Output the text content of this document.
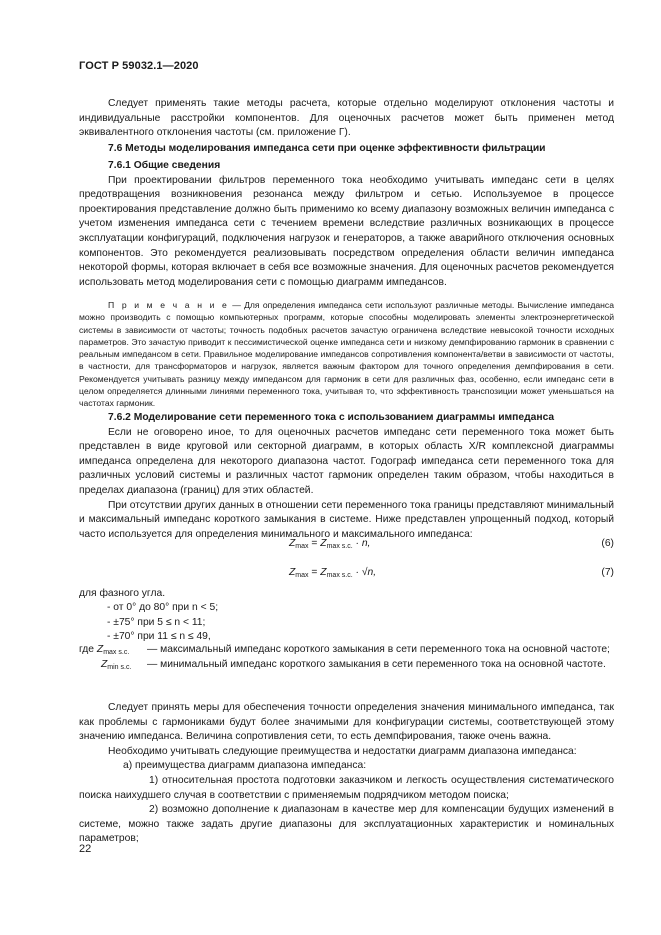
ГОСТ Р 59032.1—2020

Следует применять такие методы расчета, которые отдельно моделируют отклонения частоты и индивидуальные расстройки компонентов. Для оценочных расчетов может быть применен метод эквивалентного отклонения частоты (см. приложение Г).

7.6 Методы моделирования импеданса сети при оценке эффективности фильтрации

7.6.1 Общие сведения

При проектировании фильтров переменного тока необходимо учитывать импеданс сети в целях предотвращения возникновения резонанса между фильтром и сетью. Используемое в процессе проектирования представление должно быть применимо ко всему диапазону возможных величин импеданса с учетом изменения импеданса сети с течением времени вследствие различных возникающих в процессе эксплуатации конфигураций, подключения нагрузок и генераторов, а также аварийного отключения основных компонентов. Это рекомендуется реализовывать посредством определения области величин импеданса некоторой формы, которая включает в себя все возможные значения. Для оценочных расчетов рекомендуется использовать метод моделирования сети с помощью диаграмм импедансов.

П р и м е ч а н и е — Для определения импеданса сети используют различные методы. Вычисление импеданса можно производить с помощью компьютерных программ, которые способны моделировать элементы электроэнергетической системы в зависимости от частоты; точность подобных расчетов зачастую ограничена вследствие невысокой точности исходных параметров. Это зачастую приводит к пессимистической оценке импеданса сети и низкому демпфированию гармоник в сравнении с реальным импедансом в сети. Правильное моделирование импедансов сопротивления компонента/ветви в зависимости от частоты, в частности, для трансформаторов и нагрузок, является важным фактором для точного определения демпфирования в сети. Рекомендуется учитывать разницу между импедансом для гармоник в сети для различных фаз, особенно, если импеданс сети в целом определяется длинными линиями переменного тока, учитывая то, что эффективность транспозиции может уменьшаться на частотах гармоник.

7.6.2 Моделирование сети переменного тока с использованием диаграммы импеданса

Если не оговорено иное, то для оценочных расчетов импеданс сети переменного тока может быть представлен в виде круговой или секторной диаграмм, в которых область X/R комплексной диаграммы импеданса определена для некоторого диапазона частот. Годограф импеданса сети переменного тока для различных условий системы и различных частот гармоник определен таким образом, чтобы находиться в пределах диапазона (границ) для этих областей.

При отсутствии других данных в отношении сети переменного тока границы представляют минимальный и максимальный импеданс короткого замыкания в системе. Ниже представлен упрощенный подход, который часто используется для определения минимального и максимального импеданса:

$Z_{max} = Z_{max s.c.} \cdot n$,	(6)
$Z_{max} = Z_{max s.c.} \cdot √n$,	(7)
для фазного угла.
- от 0° до 80° при n < 5;
- ±75° при 5 ≤ n < 11;
- ±70° при 11 ≤ n ≤ 49,
где $Z_{max s.c.}$ — максимальный импеданс короткого замыкания в сети переменного тока на основной частоте;
$Z_{min s.c.}$ — минимальный импеданс короткого замыкания в сети переменного тока на основной частоте.

Следует принять меры для обеспечения точности определения значения минимального импеданса, так как проблемы с гармониками будут более значимыми для конфигурации системы, соответствующей этому значению импеданса. Величина сопротивления сети, то есть демпфирования, также очень важна.

Необходимо учитывать следующие преимущества и недостатки диаграмм диапазона импеданса:

а) преимущества диаграмм диапазона импеданса:

1) относительная простота подготовки заказчиком и легкость осуществления систематического поиска наихудшего случая в соответствии с применяемым подрядчиком методом поиска;

2) возможно дополнение к диапазонам в качестве мер для компенсации будущих изменений в системе, можно также задать другие диапазоны для эксплуатационных характеристик и номинальных параметров;

22
